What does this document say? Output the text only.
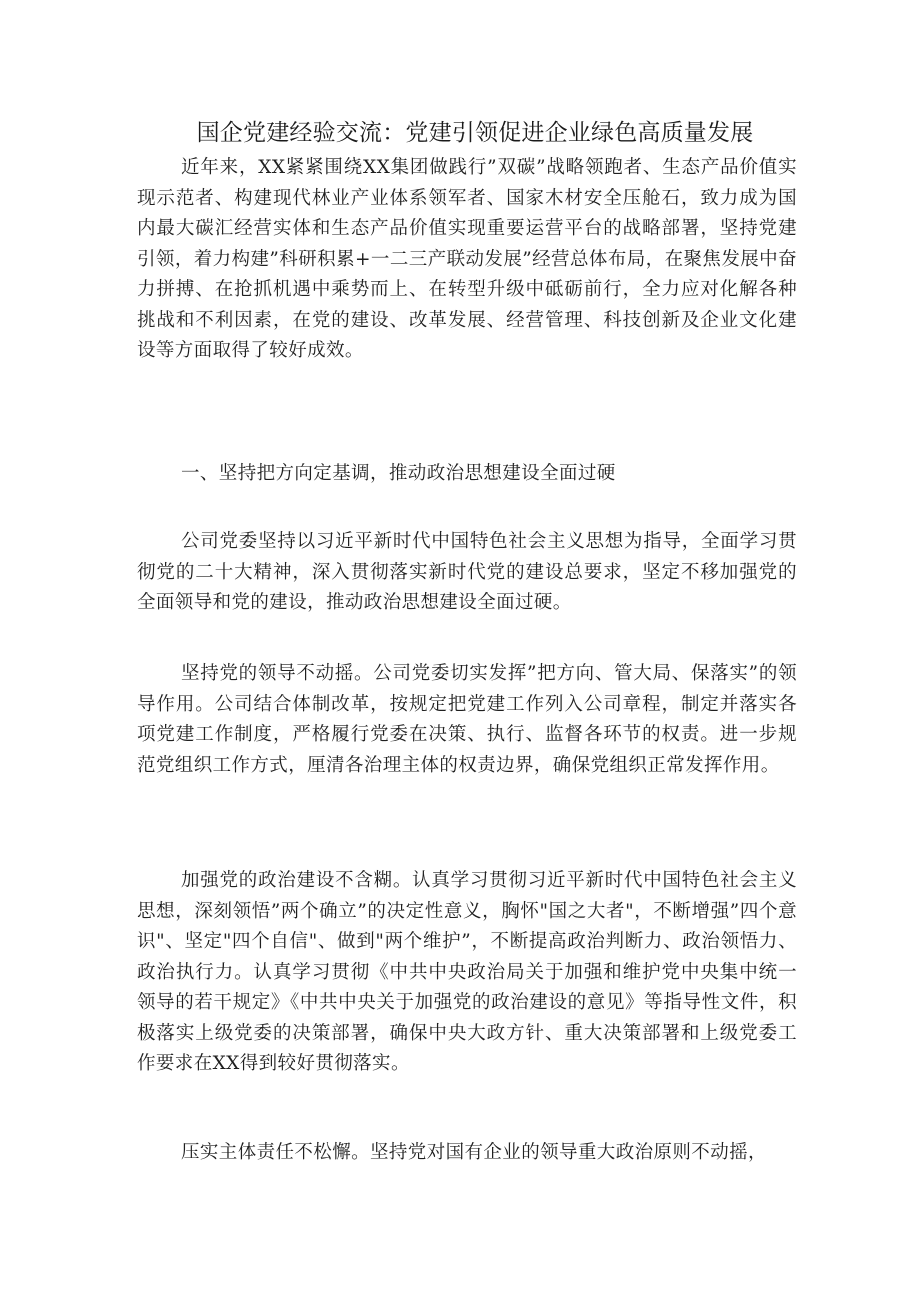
国企党建经验交流：党建引领促进企业绿色高质量发展

近年来，XX紧紧围绕XX集团做践行”双碳”战略领跑者、生态产品价值实现示范者、构建现代林业产业体系领军者、国家木材安全压舱石，致力成为国内最大碳汇经营实体和生态产品价值实现重要运营平台的战略部署，坚持党建引领，着力构建”科研积累+一二三产联动发展”经营总体布局，在聚焦发展中奋力拼搏、在抢抓机遇中乘势而上、在转型升级中砥砺前行，全力应对化解各种挑战和不利因素，在党的建设、改革发展、经营管理、科技创新及企业文化建设等方面取得了较好成效。

一、坚持把方向定基调，推动政治思想建设全面过硬

公司党委坚持以习近平新时代中国特色社会主义思想为指导，全面学习贯彻党的二十大精神，深入贯彻落实新时代党的建设总要求，坚定不移加强党的全面领导和党的建设，推动政治思想建设全面过硬。

坚持党的领导不动摇。公司党委切实发挥”把方向、管大局、保落实”的领导作用。公司结合体制改革，按规定把党建工作列入公司章程，制定并落实各项党建工作制度，严格履行党委在决策、执行、监督各环节的权责。进一步规范党组织工作方式，厘清各治理主体的权责边界，确保党组织正常发挥作用。

加强党的政治建设不含糊。认真学习贯彻习近平新时代中国特色社会主义思想，深刻领悟”两个确立”的决定性意义，胸怀"国之大者"，不断增强”四个意识"、坚定"四个自信"、做到"两个维护”，不断提高政治判断力、政治领悟力、政治执行力。认真学习贯彻《中共中央政治局关于加强和维护党中央集中统一领导的若干规定》《中共中央关于加强党的政治建设的意见》等指导性文件，积极落实上级党委的决策部署，确保中央大政方针、重大决策部署和上级党委工作要求在XX得到较好贯彻落实。

压实主体责任不松懈。坚持党对国有企业的领导重大政治原则不动摇，
